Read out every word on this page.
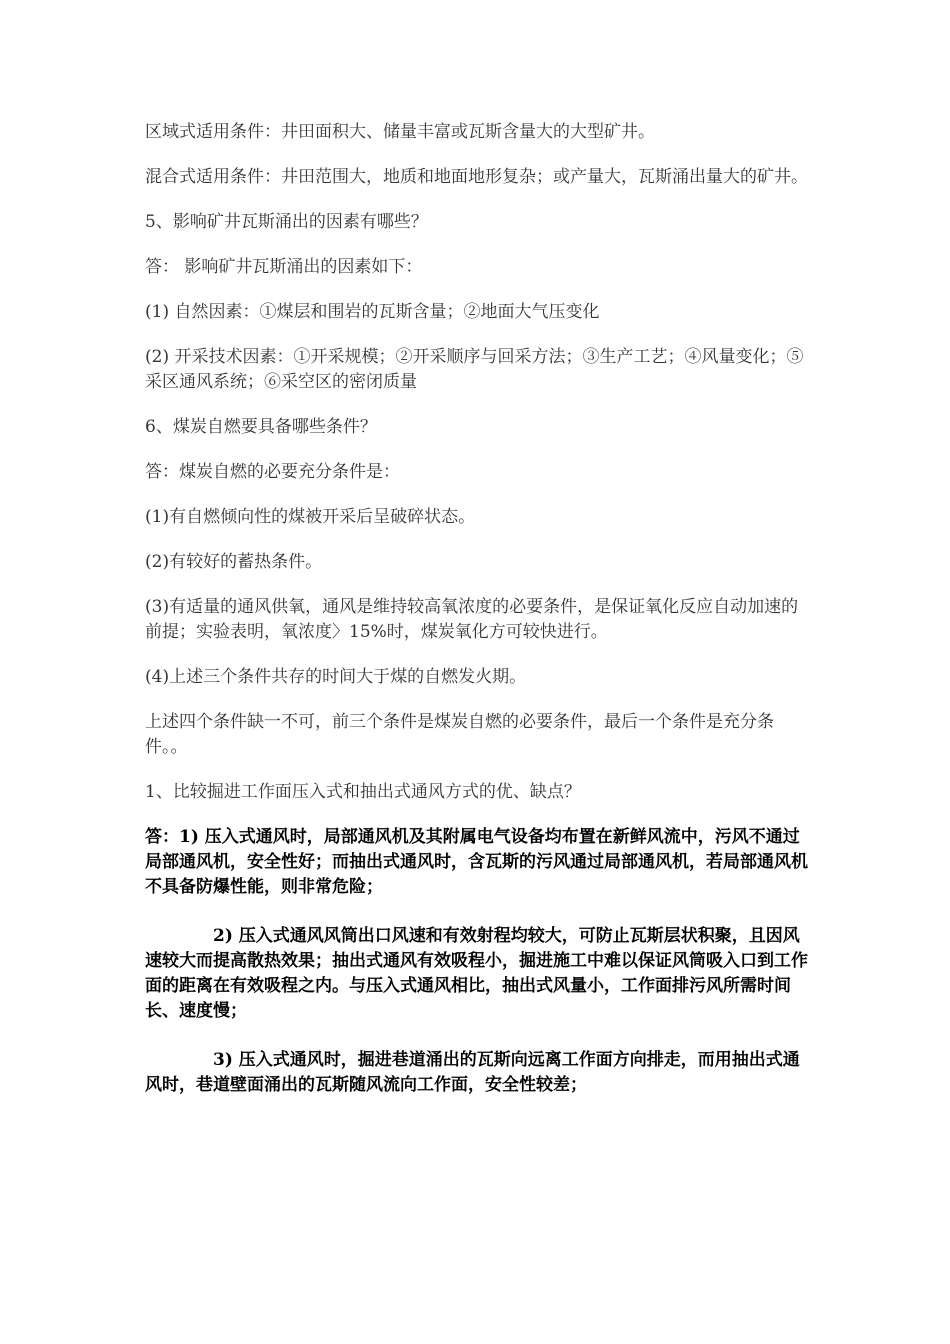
区域式适用条件：井田面积大、储量丰富或瓦斯含量大的大型矿井。

混合式适用条件：井田范围大，地质和地面地形复杂；或产量大，瓦斯涌出量大的矿井。

5、影响矿井瓦斯涌出的因素有哪些？

答： 影响矿井瓦斯涌出的因素如下：

(1) 自然因素：①煤层和围岩的瓦斯含量；②地面大气压变化

(2) 开采技术因素：①开采规模；②开采顺序与回采方法；③生产工艺；④风量变化；⑤采区通风系统；⑥采空区的密闭质量

6、煤炭自燃要具备哪些条件？

答：煤炭自燃的必要充分条件是：

(1)有自燃倾向性的煤被开采后呈破碎状态。

(2)有较好的蓄热条件。

(3)有适量的通风供氧，通风是维持较高氧浓度的必要条件，是保证氧化反应自动加速的前提；实验表明，氧浓度〉15%时，煤炭氧化方可较快进行。

(4)上述三个条件共存的时间大于煤的自燃发火期。

上述四个条件缺一不可，前三个条件是煤炭自燃的必要条件，最后一个条件是充分条件。。

1、比较掘进工作面压入式和抽出式通风方式的优、缺点？

答：1) 压入式通风时，局部通风机及其附属电气设备均布置在新鲜风流中，污风不通过局部通风机，安全性好；而抽出式通风时，含瓦斯的污风通过局部通风机，若局部通风机不具备防爆性能，则非常危险；

2) 压入式通风风筒出口风速和有效射程均较大，可防止瓦斯层状积聚，且因风速较大而提高散热效果；抽出式通风有效吸程小，掘进施工中难以保证风筒吸入口到工作面的距离在有效吸程之内。与压入式通风相比，抽出式风量小，工作面排污风所需时间长、速度慢；

3) 压入式通风时，掘进巷道涌出的瓦斯向远离工作面方向排走，而用抽出式通风时，巷道壁面涌出的瓦斯随风流向工作面，安全性较差；
